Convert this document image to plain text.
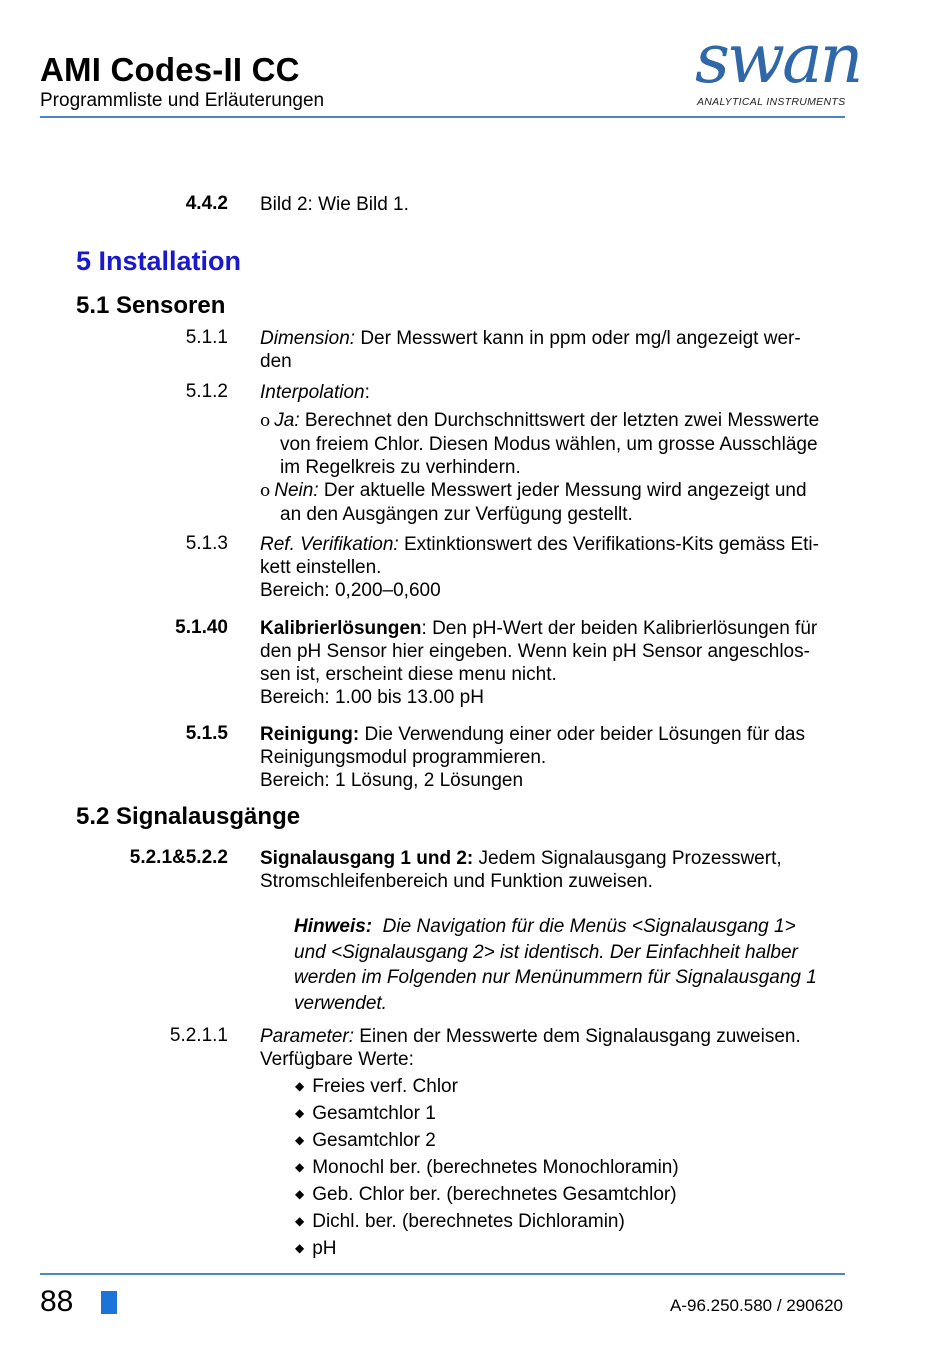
AMI Codes-II CC
Programmliste und Erläuterungen
swan
ANALYTICAL INSTRUMENTS
4.4.2 Bild 2: Wie Bild 1.
5 Installation
5.1 Sensoren
5.1.1 Dimension: Der Messwert kann in ppm oder mg/l angezeigt wer-
den
5.1.2 Interpolation:
o Ja: Berechnet den Durchschnittswert der letzten zwei Messwerte
von freiem Chlor. Diesen Modus wählen, um grosse Ausschläge
im Regelkreis zu verhindern.
o Nein: Der aktuelle Messwert jeder Messung wird angezeigt und
an den Ausgängen zur Verfügung gestellt.
5.1.3 Ref. Verifikation: Extinktionswert des Verifikations-Kits gemäss Eti-
kett einstellen.
Bereich: 0,200–0,600
5.1.40 Kalibrierlösungen: Den pH-Wert der beiden Kalibrierlösungen für
den pH Sensor hier eingeben. Wenn kein pH Sensor angeschlos-
sen ist, erscheint diese menu nicht.
Bereich: 1.00 bis 13.00 pH
5.1.5 Reinigung: Die Verwendung einer oder beider Lösungen für das
Reinigungsmodul programmieren.
Bereich: 1 Lösung, 2 Lösungen
5.2 Signalausgänge
5.2.1&5.2.2 Signalausgang 1 und 2: Jedem Signalausgang Prozesswert,
Stromschleifenbereich und Funktion zuweisen.
Hinweis:  Die Navigation für die Menüs <Signalausgang 1>
und <Signalausgang 2> ist identisch. Der Einfachheit halber
werden im Folgenden nur Menünummern für Signalausgang 1
verwendet.
5.2.1.1 Parameter: Einen der Messwerte dem Signalausgang zuweisen.
Verfügbare Werte:
◆ Freies verf. Chlor
◆ Gesamtchlor 1
◆ Gesamtchlor 2
◆ Monochl ber. (berechnetes Monochloramin)
◆ Geb. Chlor ber. (berechnetes Gesamtchlor)
◆ Dichl. ber. (berechnetes Dichloramin)
◆ pH
88	A-96.250.580 / 290620
